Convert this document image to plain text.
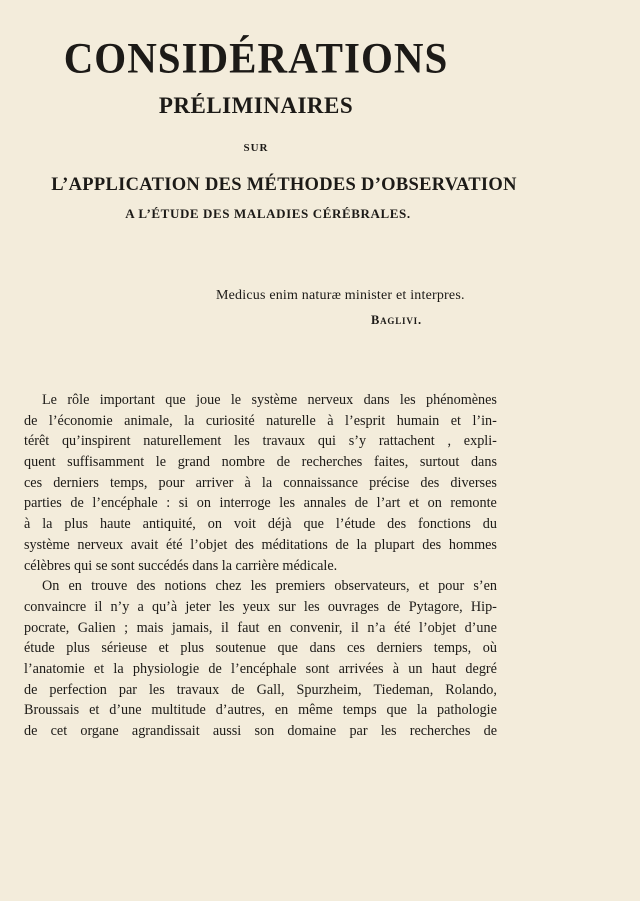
CONSIDÉRATIONS
PRÉLIMINAIRES
SUR
L’APPLICATION DES MÉTHODES D’OBSERVATION
A L’ÉTUDE DES MALADIES CÉRÉBRALES.
Medicus enim naturæ minister et interpres.
Baglivi.
Le rôle important que joue le système nerveux dans les phénomènes
de l’économie animale, la curiosité naturelle à l’esprit humain et l’in-
térêt qu’inspirent naturellement les travaux qui s’y rattachent , expli-
quent suffisamment le grand nombre de recherches faites, surtout dans
ces derniers temps, pour arriver à la connaissance précise des diverses
parties de l’encéphale : si on interroge les annales de l’art et on remonte
à la plus haute antiquité, on voit déjà que l’étude des fonctions du
système nerveux avait été l’objet des méditations de la plupart des hommes
célèbres qui se sont succédés dans la carrière médicale.
On en trouve des notions chez les premiers observateurs, et pour s’en
convaincre il n’y a qu’à jeter les yeux sur les ouvrages de Pytagore, Hip-
pocrate, Galien ; mais jamais, il faut en convenir, il n’a été l’objet d’une
étude plus sérieuse et plus soutenue que dans ces derniers temps, où
l’anatomie et la physiologie de l’encéphale sont arrivées à un haut degré
de perfection par les travaux de Gall, Spurzheim, Tiedeman, Rolando,
Broussais et d’une multitude d’autres, en même temps que la pathologie
de cet organe agrandissait aussi son domaine par les recherches de
